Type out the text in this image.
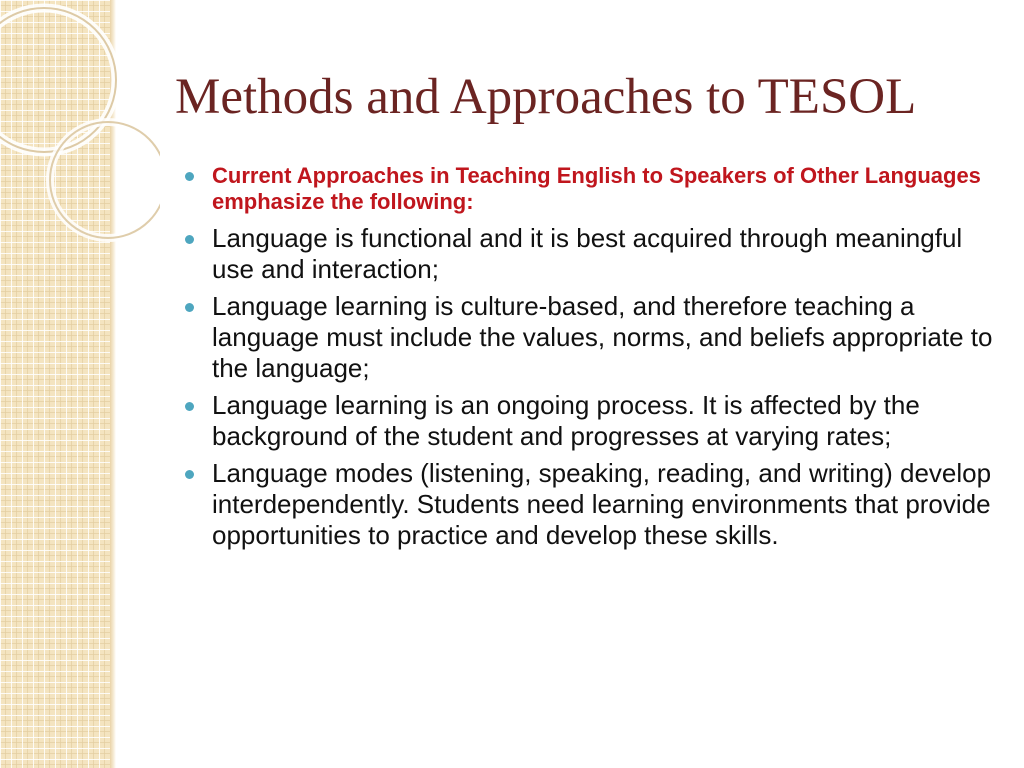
Methods and Approaches to TESOL
Current Approaches in Teaching English to Speakers of Other Languages emphasize the following:
Language is functional and it is best acquired through meaningful use and interaction;
Language learning is culture-based, and therefore teaching a language must include the values, norms, and beliefs appropriate to the language;
Language learning is an ongoing process. It is affected by the background of the student and progresses at varying rates;
Language modes (listening, speaking, reading, and writing) develop interdependently. Students need learning environments that provide opportunities to practice and develop these skills.
